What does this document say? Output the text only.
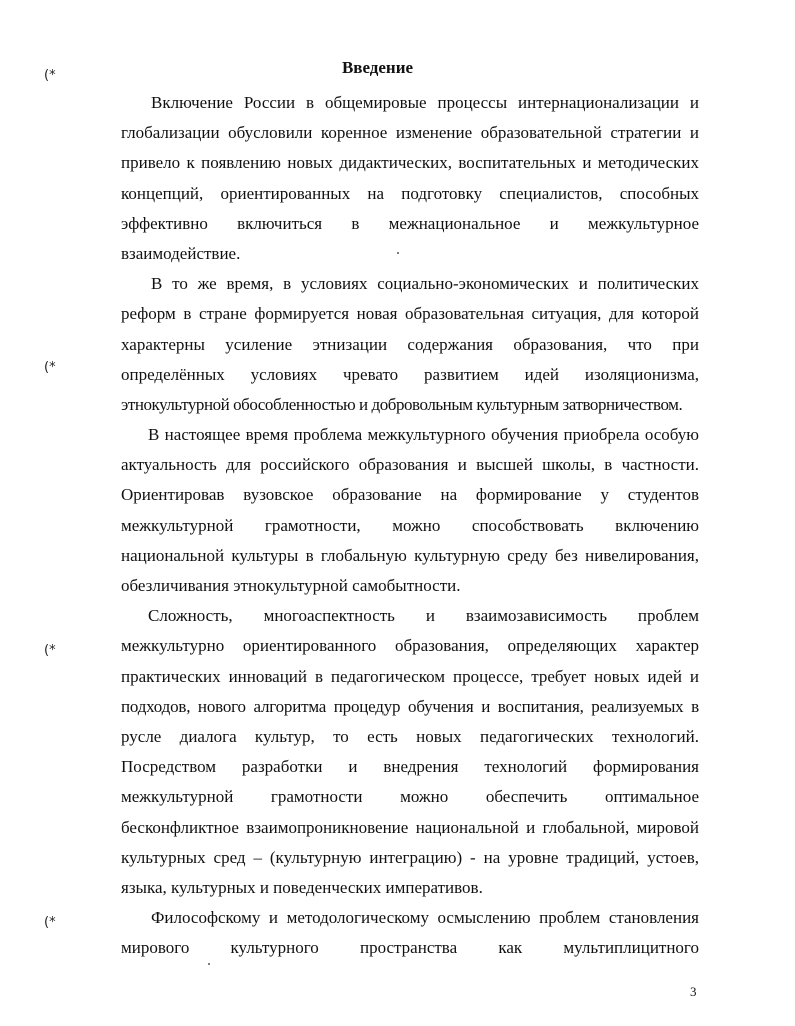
Введение
(*
(*
(*
(*
Включение России в общемировые процессы интернационализации и
глобализации обусловили коренное изменение образовательной стратегии и
привело к появлению новых дидактических, воспитательных и методических
концепций, ориентированных на подготовку специалистов, способных
эффективно включиться в межнациональное и межкультурное
взаимодействие.
В то же время, в условиях социально-экономических и политических
реформ в стране формируется новая образовательная ситуация, для которой
характерны усиление этнизации содержания образования, что при
определённых условиях чревато развитием идей изоляционизма,
этнокультурной обособленностью и добровольным культурным затворничеством.
В настоящее время проблема межкультурного обучения приобрела особую
актуальность для российского образования и высшей школы, в частности.
Ориентировав вузовское образование на формирование у студентов
межкультурной грамотности, можно способствовать включению
национальной культуры в глобальную культурную среду без нивелирования,
обезличивания этнокультурной самобытности.
Сложность, многоаспектность и взаимозависимость проблем
межкультурно ориентированного образования, определяющих характер
практических инноваций в педагогическом процессе, требует новых идей и
подходов, нового алгоритма процедур обучения и воспитания, реализуемых в
русле диалога культур, то есть новых педагогических технологий.
Посредством разработки и внедрения технологий формирования
межкультурной грамотности можно обеспечить оптимальное
бесконфликтное взаимопроникновение национальной и глобальной, мировой
культурных сред – (культурную интеграцию) - на уровне традиций, устоев,
языка, культурных и поведенческих императивов.
Философскому и методологическому осмыслению проблем становления
мирового культурного пространства как мультиплицитного
3
